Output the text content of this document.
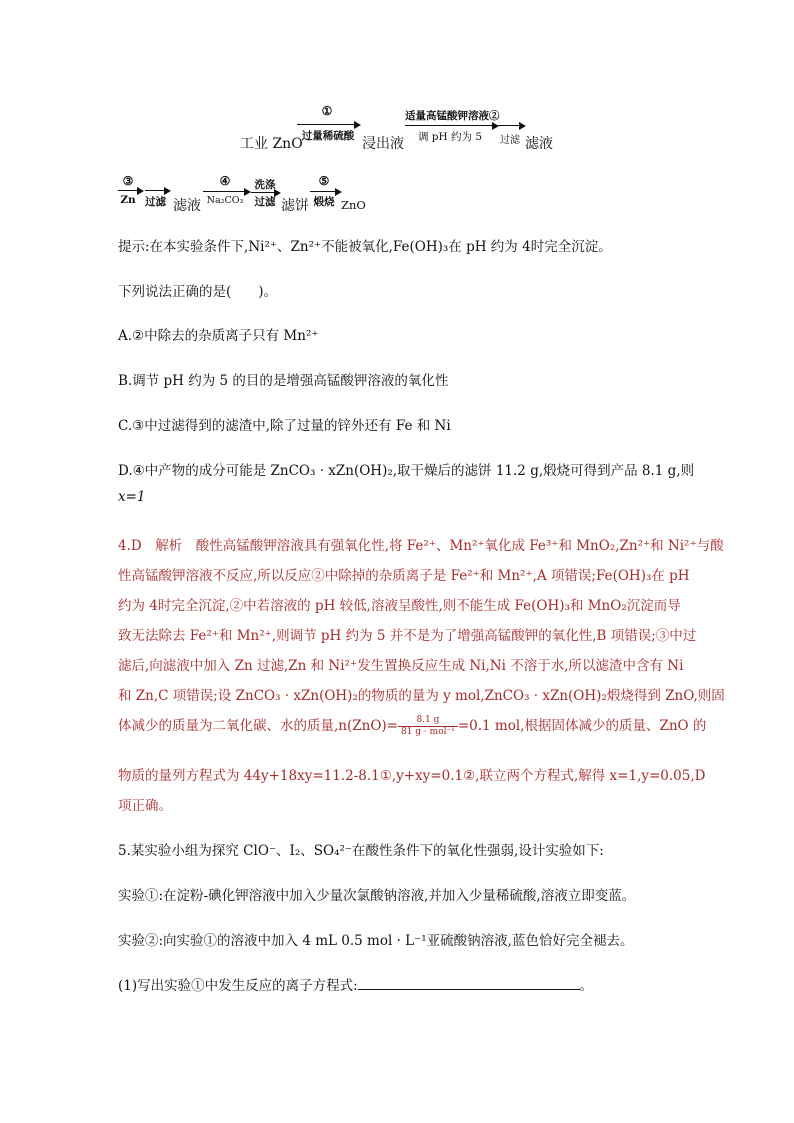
工业 ZnO
①
过量稀硫酸 浸出液
适量高锰酸钾溶液②
调 pH 约为 5	过滤 滤液
③
Zn 过滤 滤液
④
Na₂CO₃
洗涤
过滤 滤饼
⑤
煅烧 ZnO
提示:在本实验条件下,Ni²⁺、Zn²⁺不能被氧化,Fe(OH)₃在 pH 约为 4时完全沉淀。
下列说法正确的是(　　)。
A.②中除去的杂质离子只有 Mn²⁺
B.调节 pH 约为 5 的目的是增强高锰酸钾溶液的氧化性
C.③中过滤得到的滤渣中,除了过量的锌外还有 Fe 和 Ni
D.④中产物的成分可能是 ZnCO₃ · xZn(OH)₂,取干燥后的滤饼 11.2 g,煅烧可得到产品 8.1 g,则
x=1
4.D　解析　酸性高锰酸钾溶液具有强氧化性,将 Fe²⁺、Mn²⁺氧化成 Fe³⁺和 MnO₂,Zn²⁺和 Ni²⁺与酸
性高锰酸钾溶液不反应,所以反应②中除掉的杂质离子是 Fe²⁺和 Mn²⁺,A 项错误;Fe(OH)₃在 pH
约为 4时完全沉淀,②中若溶液的 pH 较低,溶液呈酸性,则不能生成 Fe(OH)₃和 MnO₂沉淀而导
致无法除去 Fe²⁺和 Mn²⁺,则调节 pH 约为 5 并不是为了增强高锰酸钾的氧化性,B 项错误;③中过
滤后,向滤液中加入 Zn 过滤,Zn 和 Ni²⁺发生置换反应生成 Ni,Ni 不溶于水,所以滤渣中含有 Ni
和 Zn,C 项错误;设 ZnCO₃ · xZn(OH)₂的物质的量为 y mol,ZnCO₃ · xZn(OH)₂煅烧得到 ZnO,则固
体减少的质量为二氧化碳、水的质量$,n(ZnO)= \frac{8.1 g}{\text{81 g · mol⁻¹}} =0.1$ mol,根据固体减少的质量、ZnO 的
物质的量列方程式为 44y+18xy=11.2-8.1①,y+xy=0.1②,联立两个方程式,解得 x=1,y=0.05,D
项正确。
5.某实验小组为探究 ClO⁻、I₂、SO₄²⁻在酸性条件下的氧化性强弱,设计实验如下:
实验①:在淀粉-碘化钾溶液中加入少量次氯酸钠溶液,并加入少量稀硫酸,溶液立即变蓝。
实验②:向实验①的溶液中加入 4 mL 0.5 mol · L⁻¹亚硫酸钠溶液,蓝色恰好完全褪去。
(1)写出实验①中发生反应的离子方程式:	。
